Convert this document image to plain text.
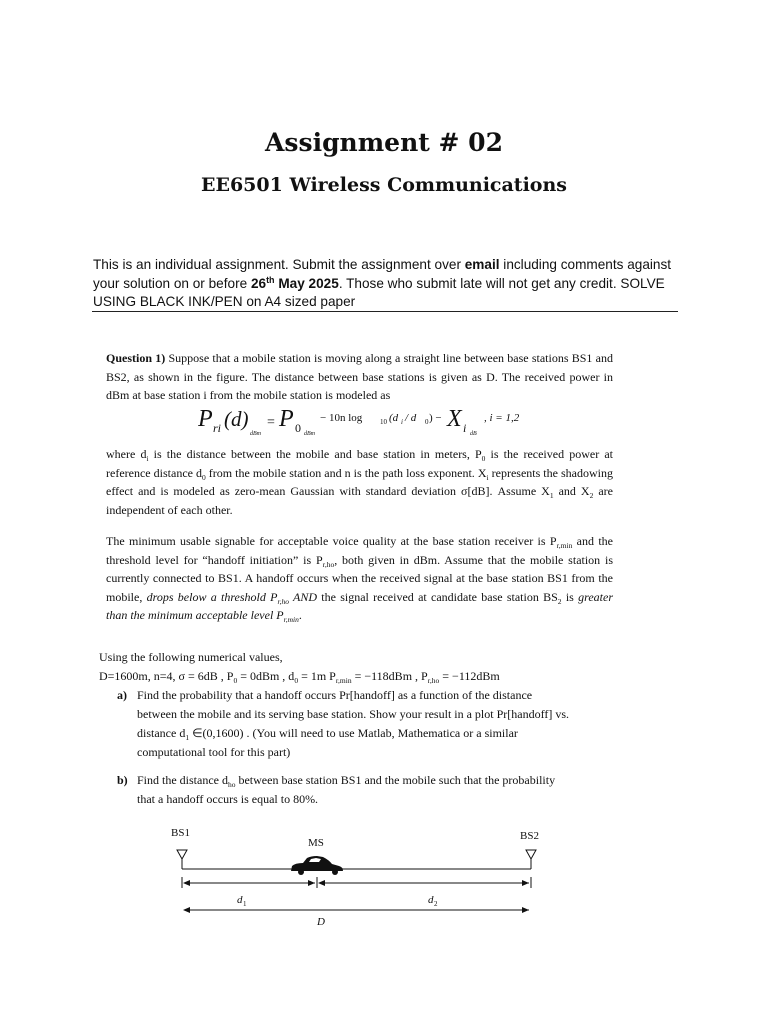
Assignment # 02
EE6501 Wireless Communications

This is an individual assignment. Submit the assignment over email including comments against your solution on or before 26th May 2025. Those who submit late will not get any credit. SOLVE USING BLACK INK/PEN on A4 sized paper

Question 1) Suppose that a mobile station is moving along a straight line between base stations BS1 and BS2, as shown in the figure. The distance between base stations is given as D. The received power in dBm at base station i from the mobile station is modeled as

P ri (d)
dBm
= P 0 dBm
− 10n log	10 (d i / d 0 ) − X i dB
, i = 1,2

where $d_i$ is the distance between the mobile and base station in meters, $P_0$ is the received power at reference distance $d_0$ from the mobile station and n is the path loss exponent. $X_i$ represents the shadowing effect and is modeled as zero-mean Gaussian with standard deviation σ[dB]. Assume $X_1$ and $X_2$ are independent of each other.

The minimum usable signable for acceptable voice quality at the base station receiver is $P_{r,min}$ and the threshold level for “handoff initiation” is $P_{r,ho}$, both given in dBm. Assume that the mobile station is currently connected to BS1. A handoff occurs when the received signal at the base station BS1 from the mobile, drops below a threshold $P_{r,ho}$ AND the signal received at candidate base station $BS_2$ is greater than the minimum acceptable level $P_{r,min}$.

Using the following numerical values,

D=1600m, n=4, σ = 6dB , $P_0 = 0dBm$ , $d_0 = 1m$ $P_{r,min} = -118dBm$ , $P_{r,ho} = -112dBm$

a) Find the probability that a handoff occurs Pr[handoff] as a function of the distance

between the mobile and its serving base station. Show your result in a plot Pr[handoff] vs.

distance $d_1$ ∈(0,1600) . (You will need to use Matlab, Mathematica or a similar

computational tool for this part)

b) Find the distance $d_{ho}$ between base station BS1 and the mobile such that the probability

that a handoff occurs is equal to 80%.

BS1	BS2
MS
d 1	d 2
D
